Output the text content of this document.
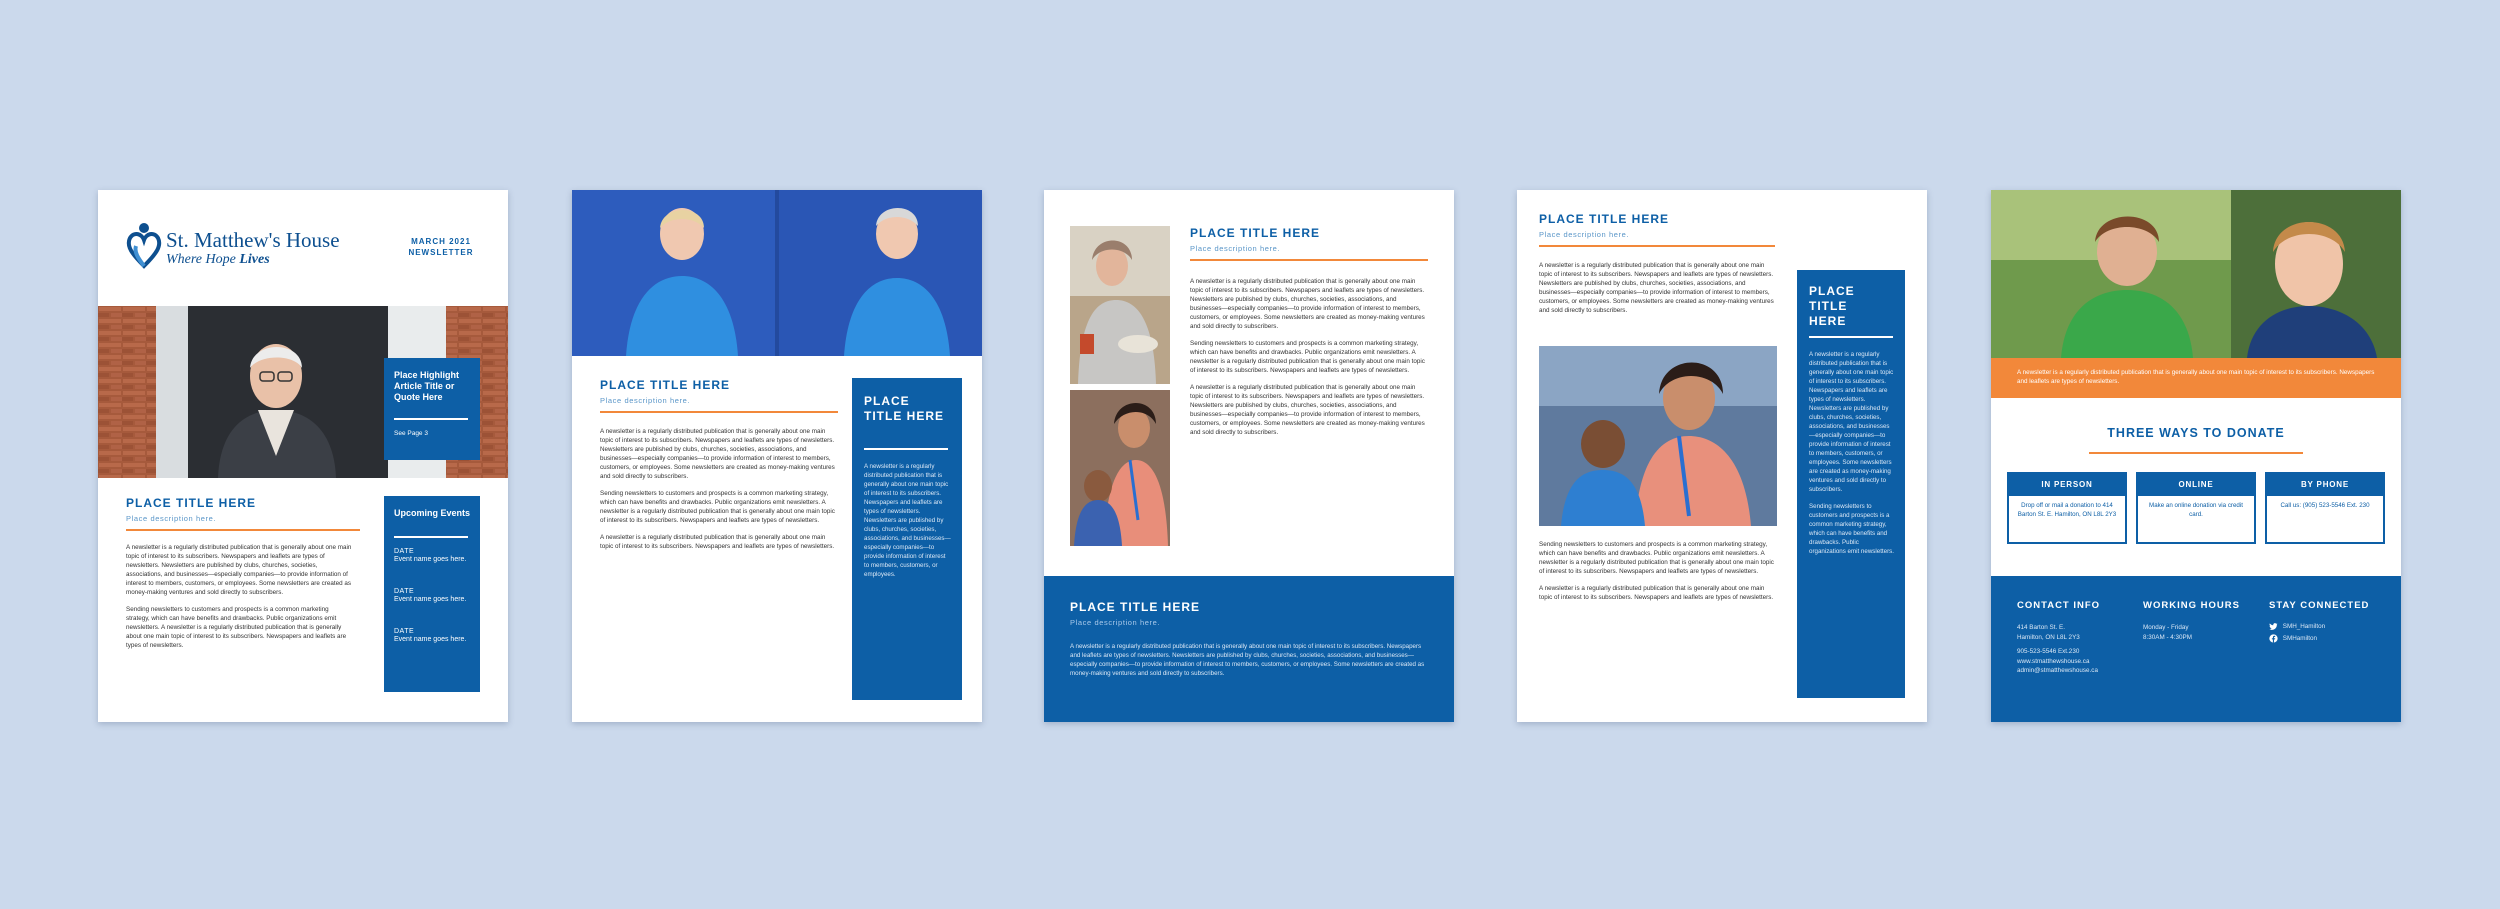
St. Matthew's House
Where Hope Lives
MARCH 2021
NEWSLETTER
Place Highlight Article Title or Quote Here
See Page 3
PLACE TITLE HERE
Place description here.

A newsletter is a regularly distributed publication that is generally about one main topic of interest to its subscribers. Newspapers and leaflets are types of newsletters. Newsletters are published by clubs, churches, societies, associations, and businesses—especially companies—to provide information of interest to members, customers, or employees. Some newsletters are created as money-making ventures and sold directly to subscribers.

Sending newsletters to customers and prospects is a common marketing strategy, which can have benefits and drawbacks. Public organizations emit newsletters. A newsletter is a regularly distributed publication that is generally about one main topic of interest to its subscribers. Newspapers and leaflets are types of newsletters.

Upcoming Events
DATE
Event name goes here.
DATE
Event name goes here.
DATE
Event name goes here.
PLACE TITLE HERE
Place description here.

A newsletter is a regularly distributed publication that is generally about one main topic of interest to its subscribers. Newspapers and leaflets are types of newsletters. Newsletters are published by clubs, churches, societies, associations, and businesses—especially companies—to provide information of interest to members, customers, or employees. Some newsletters are created as money-making ventures and sold directly to subscribers.

Sending newsletters to customers and prospects is a common marketing strategy, which can have benefits and drawbacks. Public organizations emit newsletters. A newsletter is a regularly distributed publication that is generally about one main topic of interest to its subscribers. Newspapers and leaflets are types of newsletters.

A newsletter is a regularly distributed publication that is generally about one main topic of interest to its subscribers. Newspapers and leaflets are types of newsletters.

PLACE TITLE HERE
A newsletter is a regularly distributed publication that is generally about one main topic of interest to its subscribers. Newspapers and leaflets are types of newsletters. Newsletters are published by clubs, churches, societies, associations, and businesses—especially companies—to provide information of interest to members, customers, or employees.
PLACE TITLE HERE
Place description here.

A newsletter is a regularly distributed publication that is generally about one main topic of interest to its subscribers. Newspapers and leaflets are types of newsletters. Newsletters are published by clubs, churches, societies, associations, and businesses—especially companies—to provide information of interest to members, customers, or employees. Some newsletters are created as money-making ventures and sold directly to subscribers.

Sending newsletters to customers and prospects is a common marketing strategy, which can have benefits and drawbacks. Public organizations emit newsletters. A newsletter is a regularly distributed publication that is generally about one main topic of interest to its subscribers. Newspapers and leaflets are types of newsletters.

A newsletter is a regularly distributed publication that is generally about one main topic of interest to its subscribers. Newspapers and leaflets are types of newsletters. Newsletters are published by clubs, churches, societies, associations, and businesses—especially companies—to provide information of interest to members, customers, or employees. Some newsletters are created as money-making ventures and sold directly to subscribers.

PLACE TITLE HERE
Place description here.
A newsletter is a regularly distributed publication that is generally about one main topic of interest to its subscribers. Newspapers and leaflets are types of newsletters. Newsletters are published by clubs, churches, societies, associations, and businesses—especially companies—to provide information of interest to members, customers, or employees. Some newsletters are created as money-making ventures and sold directly to subscribers.
PLACE TITLE HERE
Place description here.

A newsletter is a regularly distributed publication that is generally about one main topic of interest to its subscribers. Newspapers and leaflets are types of newsletters. Newsletters are published by clubs, churches, societies, associations, and businesses—especially companies—to provide information of interest to members, customers, or employees. Some newsletters are created as money-making ventures and sold directly to subscribers.

Sending newsletters to customers and prospects is a common marketing strategy, which can have benefits and drawbacks. Public organizations emit newsletters. A newsletter is a regularly distributed publication that is generally about one main topic of interest to its subscribers. Newspapers and leaflets are types of newsletters.

A newsletter is a regularly distributed publication that is generally about one main topic of interest to its subscribers. Newspapers and leaflets are types of newsletters.

PLACE TITLE HERE

A newsletter is a regularly distributed publication that is generally about one main topic of interest to its subscribers. Newspapers and leaflets are types of newsletters. Newsletters are published by clubs, churches, societies, associations, and businesses—especially companies—to provide information of interest to members, customers, or employees. Some newsletters are created as money-making ventures and sold directly to subscribers.

Sending newsletters to customers and prospects is a common marketing strategy, which can have benefits and drawbacks. Public organizations emit newsletters.

A newsletter is a regularly distributed publication that is generally about one main topic of interest to its subscribers. Newspapers and leaflets are types of newsletters.
THREE WAYS TO DONATE
IN PERSON
Drop off or mail a donation to 414 Barton St. E. Hamilton, ON L8L 2Y3
ONLINE
Make an online donation via credit card.
BY PHONE
Call us: (905) 523-5546 Ext. 230
CONTACT INFO
414 Barton St. E.
Hamilton, ON L8L 2Y3
905-523-5546 Ext.230
www.stmatthewshouse.ca
admin@stmatthewshouse.ca
WORKING HOURS
Monday - Friday
8:30AM - 4:30PM
STAY CONNECTED
SMH_Hamilton
SMHamilton
